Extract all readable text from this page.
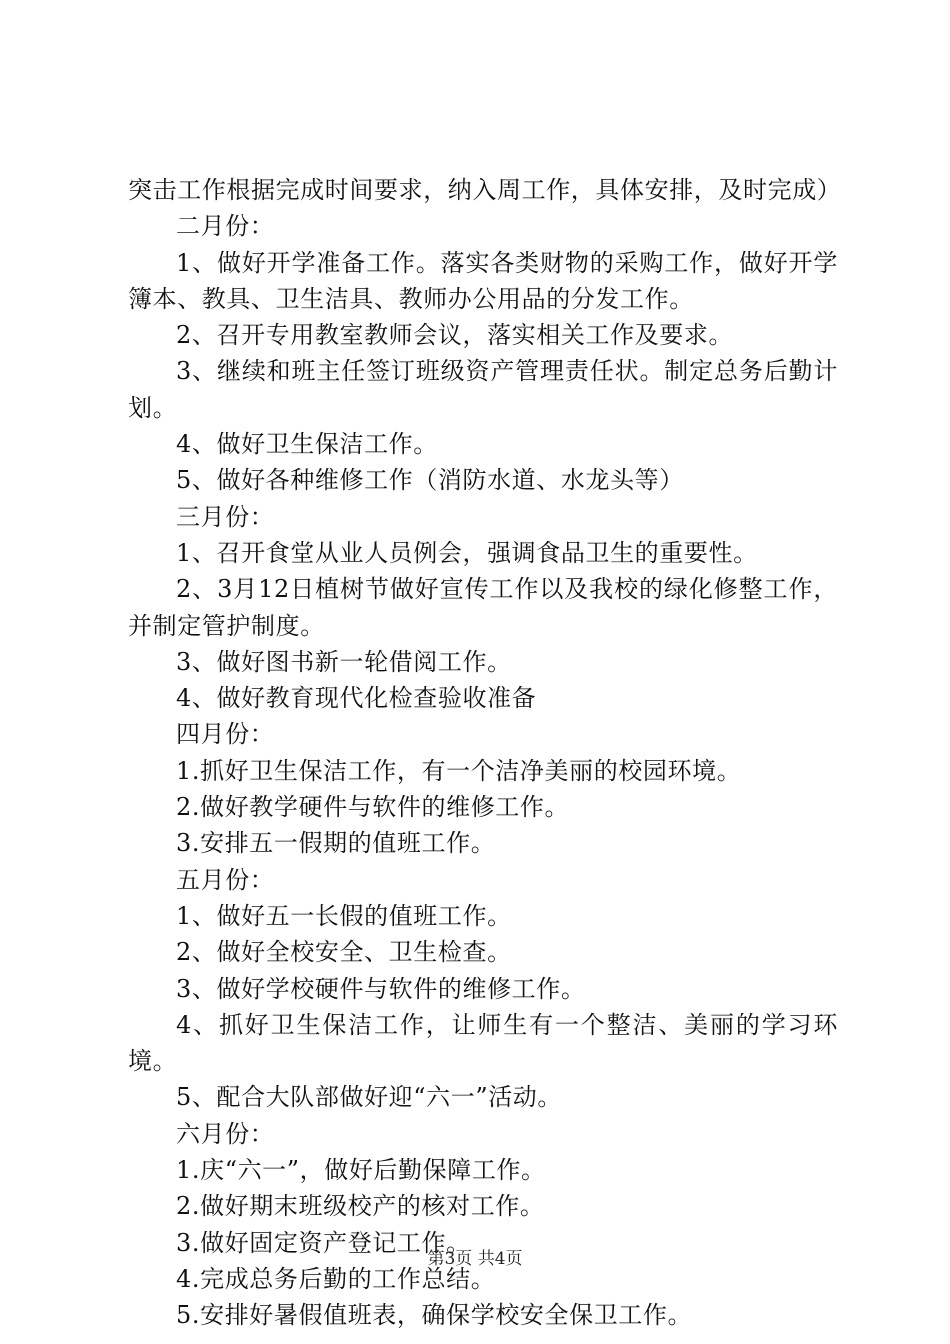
突击工作根据完成时间要求，纳入周工作，具体安排，及时完成）

二月份：

1、做好开学准备工作。落实各类财物的采购工作，做好开学簿本、教具、卫生洁具、教师办公用品的分发工作。

2、召开专用教室教师会议，落实相关工作及要求。

3、继续和班主任签订班级资产管理责任状。制定总务后勤计划。

4、做好卫生保洁工作。

5、做好各种维修工作（消防水道、水龙头等）

三月份：

1、召开食堂从业人员例会，强调食品卫生的重要性。

2、3月12日植树节做好宣传工作以及我校的绿化修整工作，并制定管护制度。

3、做好图书新一轮借阅工作。

4、做好教育现代化检查验收准备

四月份：

1.抓好卫生保洁工作，有一个洁净美丽的校园环境。

2.做好教学硬件与软件的维修工作。

3.安排五一假期的值班工作。

五月份：

1、做好五一长假的值班工作。

2、做好全校安全、卫生检查。

3、做好学校硬件与软件的维修工作。

4、抓好卫生保洁工作，让师生有一个整洁、美丽的学习环境。

5、配合大队部做好迎“六一”活动。

六月份：

1.庆“六一”，做好后勤保障工作。

2.做好期末班级校产的核对工作。

3.做好固定资产登记工作。

4.完成总务后勤的工作总结。

5.安排好暑假值班表，确保学校安全保卫工作。

第3页 共4页
